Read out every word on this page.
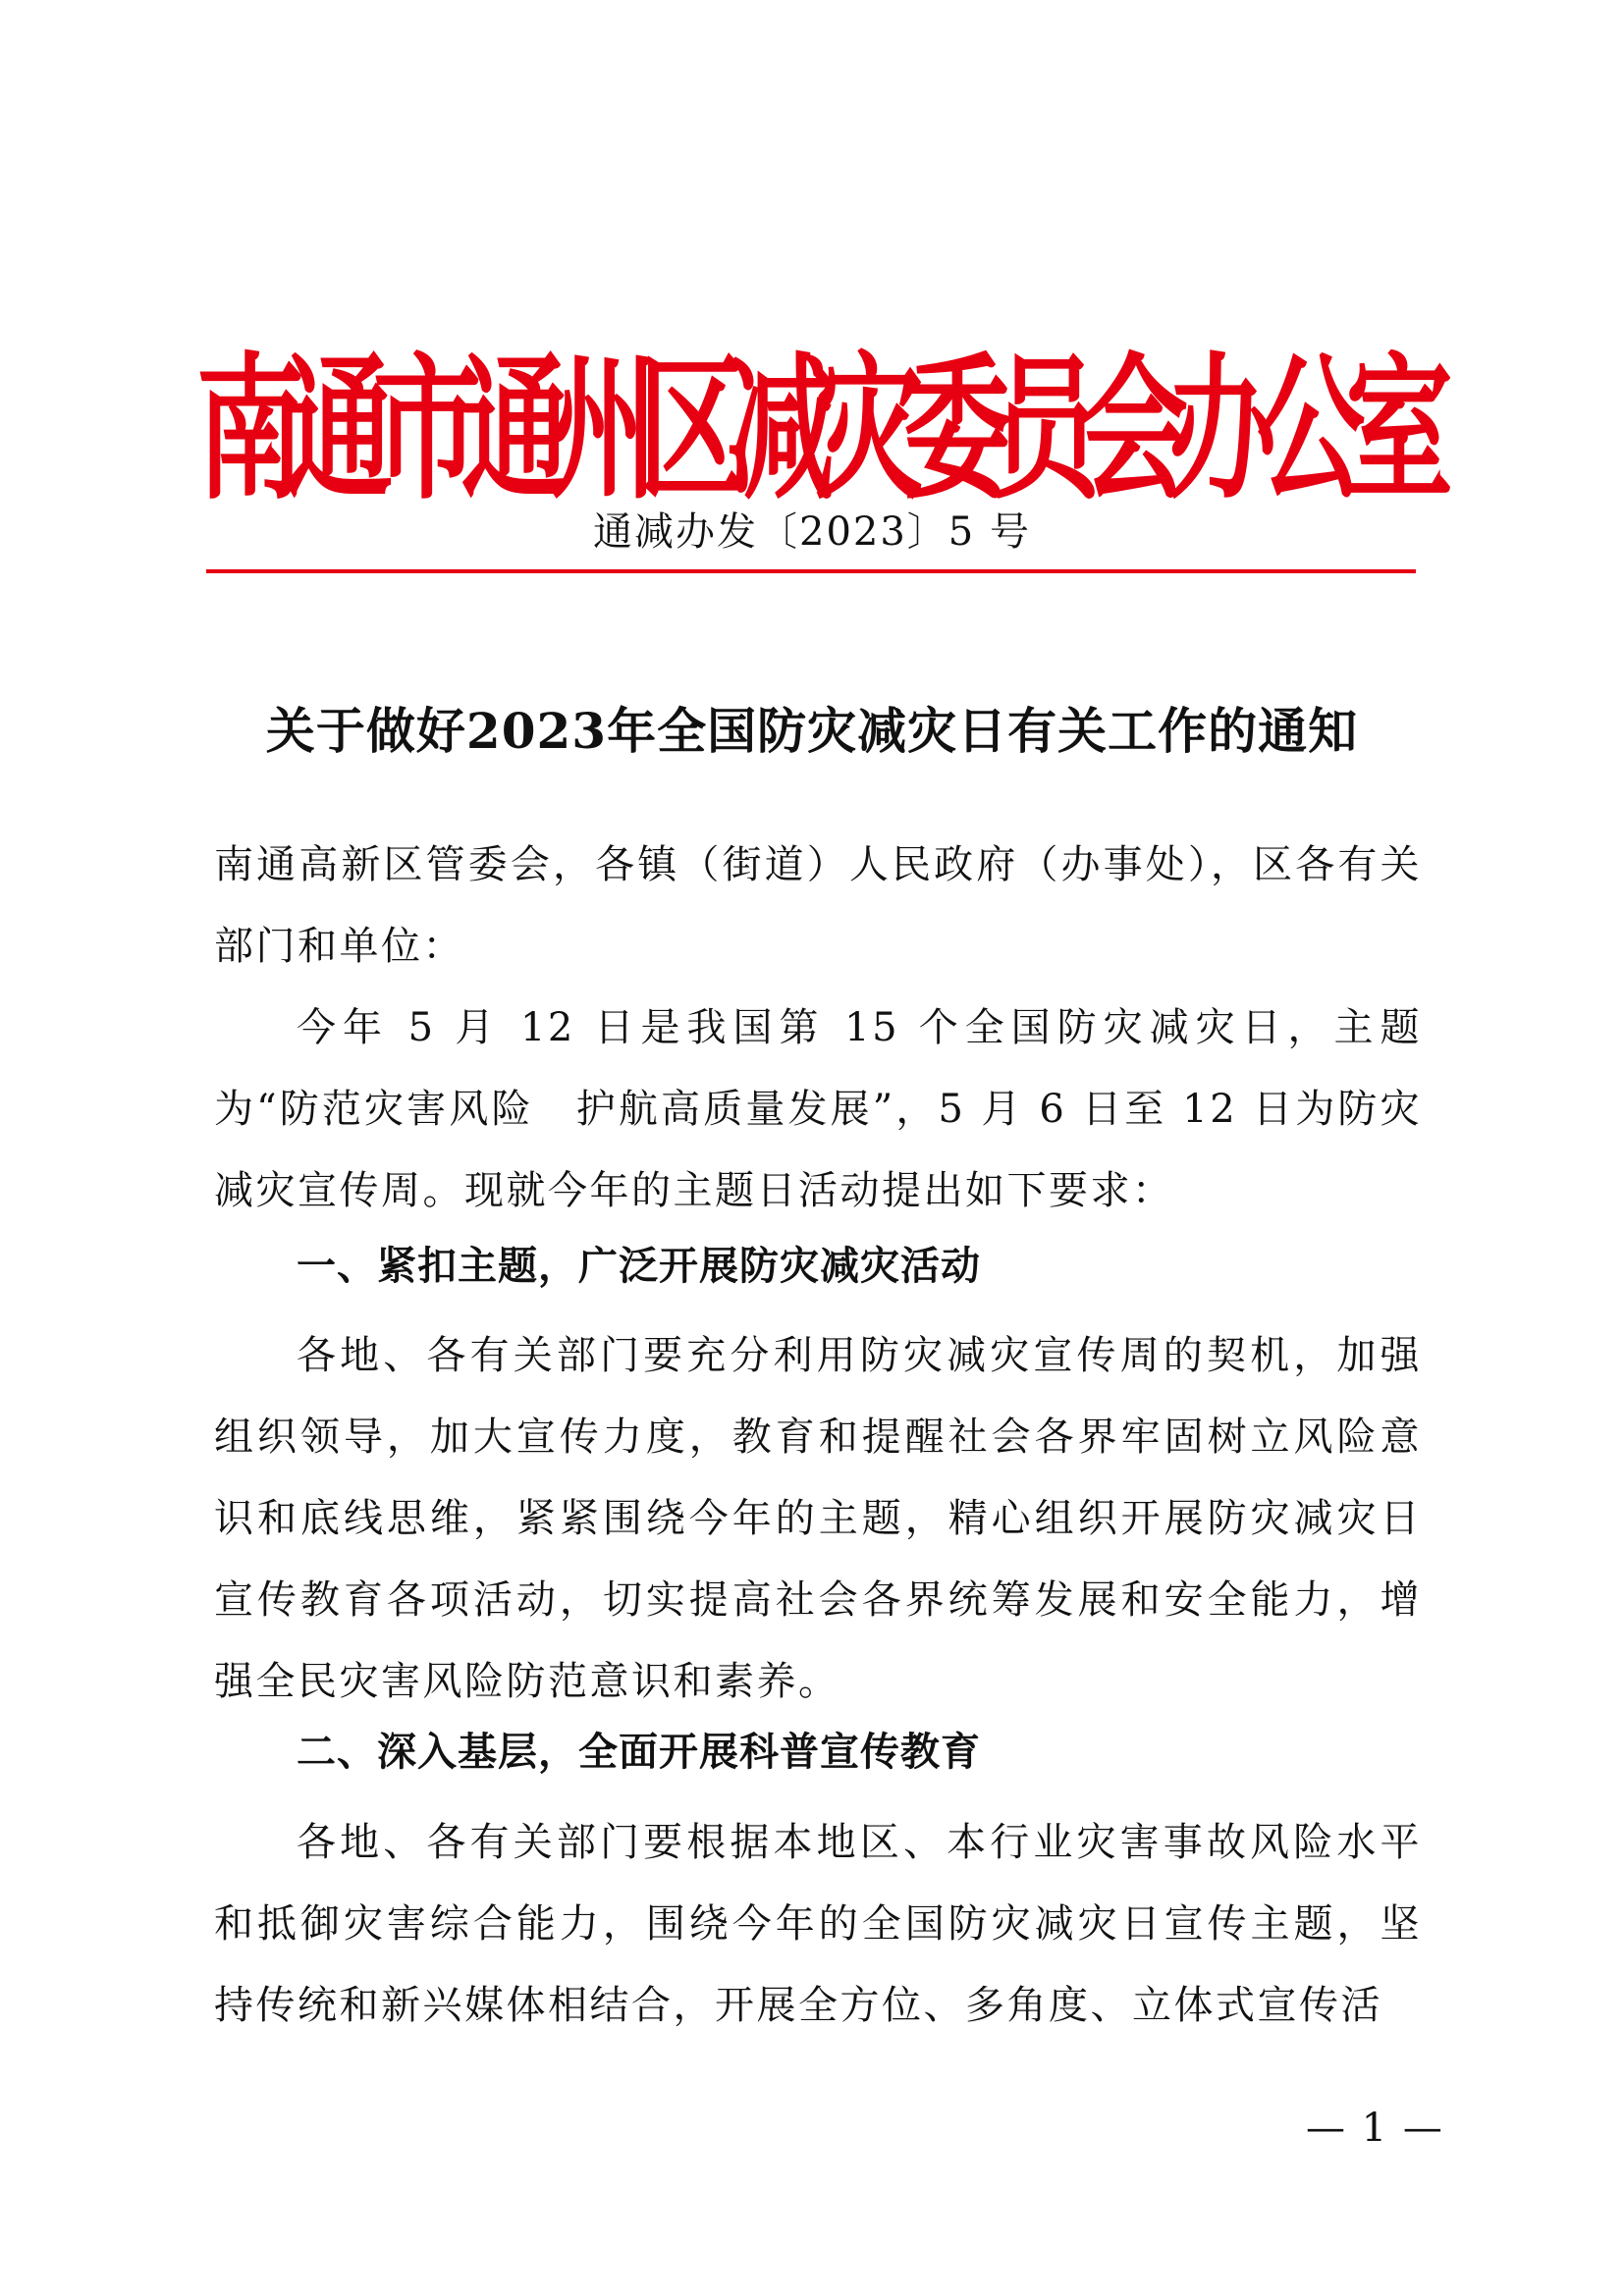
南
通
市
通
州
区
减
灾
委
员
会
办
公
室
通减办发〔2023〕5 号
关于做好2023年全国防灾减灾日有关工作的通知

南通高新区管委会，各镇（街道）人民政府（办事处），区各有关部门和单位：

今年 5 月 12 日是我国第 15 个全国防灾减灾日，主题为“防范灾害风险　护航高质量发展”，5 月 6 日至 12 日为防灾减灾宣传周。现就今年的主题日活动提出如下要求：

一、紧扣主题，广泛开展防灾减灾活动

各地、各有关部门要充分利用防灾减灾宣传周的契机，加强组织领导，加大宣传力度，教育和提醒社会各界牢固树立风险意识和底线思维，紧紧围绕今年的主题，精心组织开展防灾减灾日宣传教育各项活动，切实提高社会各界统筹发展和安全能力，增强全民灾害风险防范意识和素养。

二、深入基层，全面开展科普宣传教育

各地、各有关部门要根据本地区、本行业灾害事故风险水平和抵御灾害综合能力，围绕今年的全国防灾减灾日宣传主题，坚持传统和新兴媒体相结合，开展全方位、多角度、立体式宣传活

— 1 —
